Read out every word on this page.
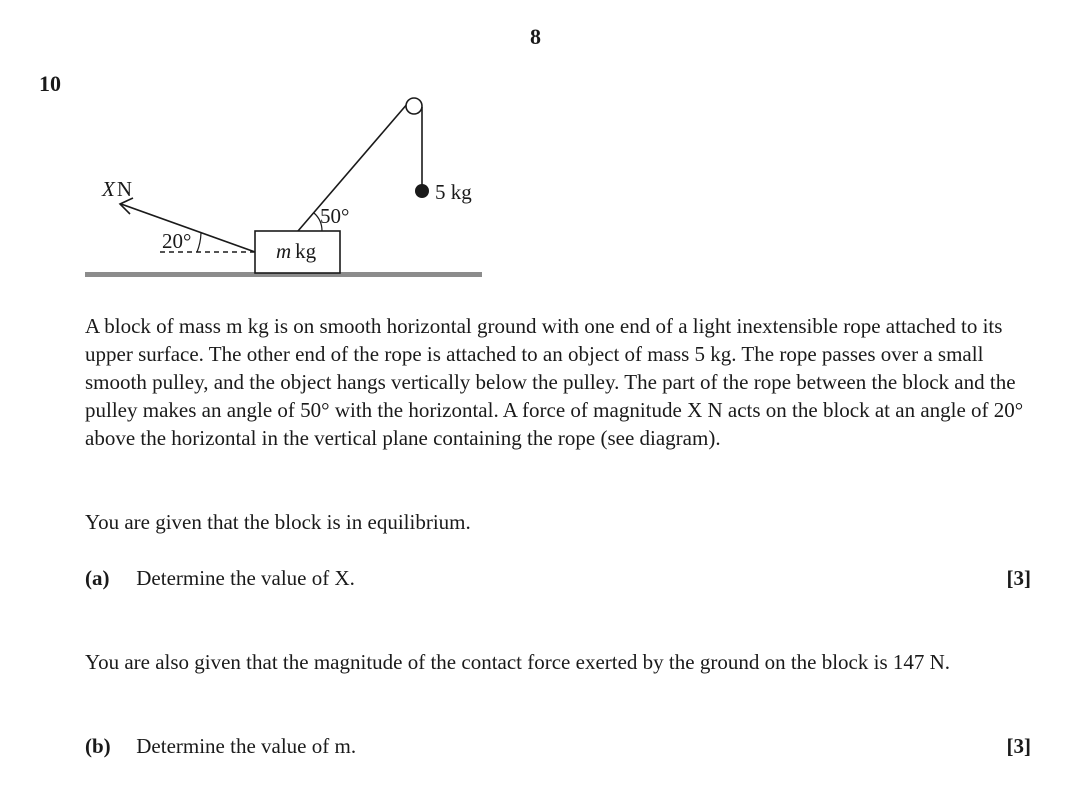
8
10
m kg
5 kg
50°
XN
20°

A block of mass m kg is on smooth horizontal ground with one end of a light inextensible rope attached to its upper surface. The other end of the rope is attached to an object of mass 5 kg. The rope passes over a small smooth pulley, and the object hangs vertically below the pulley. The part of the rope between the block and the pulley makes an angle of 50° with the horizontal. A force of magnitude X N acts on the block at an angle of 20° above the horizontal in the vertical plane containing the rope (see diagram).

You are given that the block is in equilibrium.

(a) Determine the value of X.	[3]

You are also given that the magnitude of the contact force exerted by the ground on the block is 147 N.

(b) Determine the value of m.	[3]
